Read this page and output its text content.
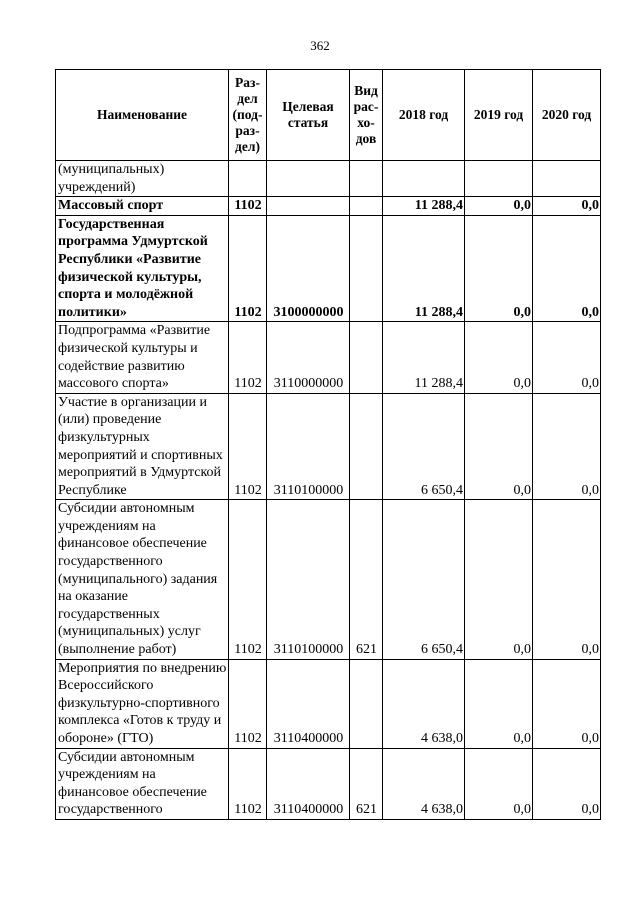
362
Наименование	Раз-дел (под-раз-дел)	Целевая статья	Вид рас-хо-дов	2018 год	2019 год	2020 год
(муниципальных) учреждений)						
Массовый спорт	1102			11 288,4	0,0	0,0
Государственная программа Удмуртской Республики «Развитие физической культуры, спорта и молодёжной политики»	1102	3100000000		11 288,4	0,0	0,0
Подпрограмма «Развитие физической культуры и содействие развитию массового спорта»	1102	3110000000		11 288,4	0,0	0,0
Участие в организации и (или) проведение физкультурных мероприятий и спортивных мероприятий в Удмуртской Республике	1102	3110100000		6 650,4	0,0	0,0
Субсидии автономным учреждениям на финансовое обеспечение государственного (муниципального) задания на оказание государственных (муниципальных) услуг (выполнение работ)	1102	3110100000	621	6 650,4	0,0	0,0
Мероприятия по внедрению Всероссийского физкультурно-спортивного комплекса «Готов к труду и обороне» (ГТО)	1102	3110400000		4 638,0	0,0	0,0
Субсидии автономным учреждениям на финансовое обеспечение государственного	1102	3110400000	621	4 638,0	0,0	0,0
